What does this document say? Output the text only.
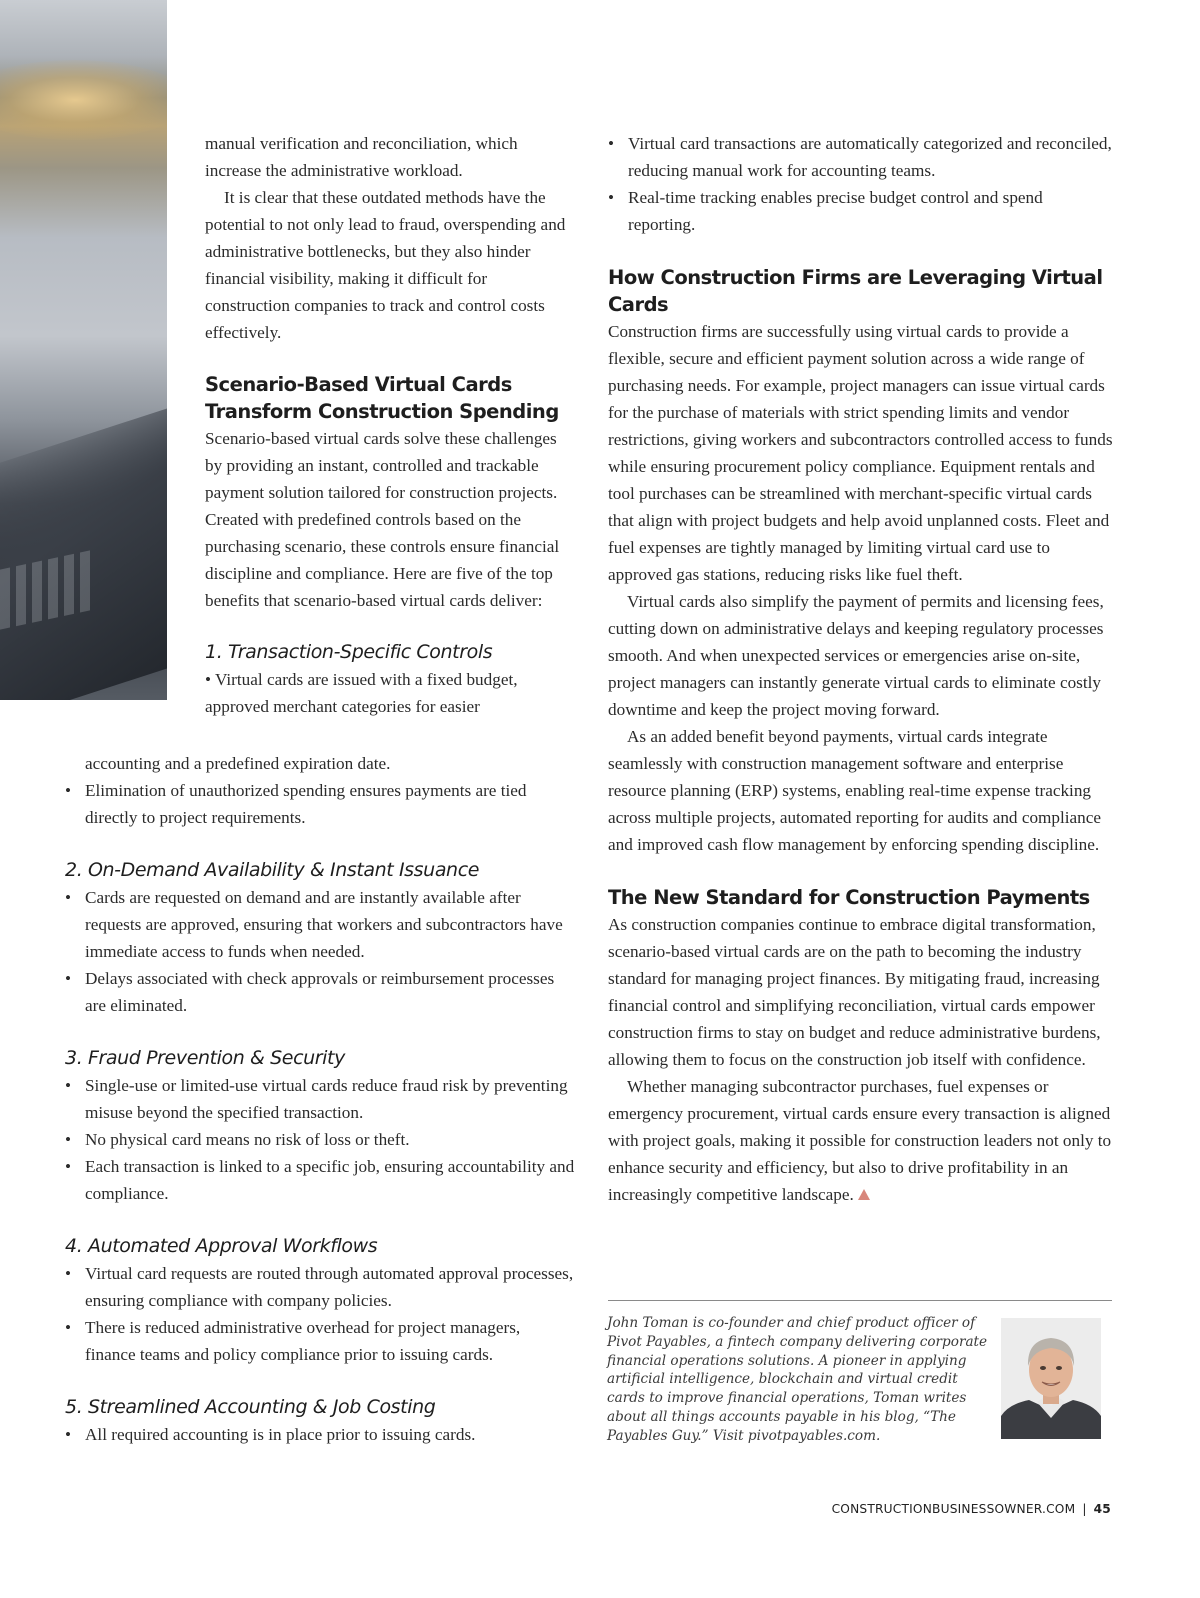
manual verification and reconciliation, which increase the administrative workload.

It is clear that these outdated methods have the potential to not only lead to fraud, overspending and administrative bottlenecks, but they also hinder financial visibility, making it difficult for construction companies to track and control costs effectively.

Scenario-Based Virtual Cards
Transform Construction Spending

Scenario-based virtual cards solve these challenges by providing an instant, controlled and trackable payment solution tailored for construction projects. Created with predefined controls based on the purchasing scenario, these controls ensure financial discipline and compliance. Here are five of the top benefits that scenario-based virtual cards deliver:

1. Transaction-Specific Controls

• Virtual cards are issued with a fixed budget,

approved merchant categories for easier

accounting and a predefined expiration date.

• Elimination of unauthorized spending ensures payments are tied directly to project requirements.

2. On-Demand Availability & Instant Issuance

• Cards are requested on demand and are instantly available after requests are approved, ensuring that workers and subcontractors have immediate access to funds when needed.

• Delays associated with check approvals or reimbursement processes are eliminated.

3. Fraud Prevention & Security

• Single-use or limited-use virtual cards reduce fraud risk by preventing misuse beyond the specified transaction.

• No physical card means no risk of loss or theft.

• Each transaction is linked to a specific job, ensuring accountability and compliance.

4. Automated Approval Workflows

• Virtual card requests are routed through automated approval processes, ensuring compliance with company policies.

• There is reduced administrative overhead for project managers, finance teams and policy compliance prior to issuing cards.

5. Streamlined Accounting & Job Costing

• All required accounting is in place prior to issuing cards.

• Virtual card transactions are automatically categorized and reconciled, reducing manual work for accounting teams.

• Real-time tracking enables precise budget control and spend reporting.

How Construction Firms are Leveraging Virtual Cards

Construction firms are successfully using virtual cards to provide a flexible, secure and efficient payment solution across a wide range of purchasing needs. For example, project managers can issue virtual cards for the purchase of materials with strict spending limits and vendor restrictions, giving workers and subcontractors controlled access to funds while ensuring procurement policy compliance. Equipment rentals and tool purchases can be streamlined with merchant-specific virtual cards that align with project budgets and help avoid unplanned costs. Fleet and fuel expenses are tightly managed by limiting virtual card use to approved gas stations, reducing risks like fuel theft.

Virtual cards also simplify the payment of permits and licensing fees, cutting down on administrative delays and keeping regulatory processes smooth. And when unexpected services or emergencies arise on-site, project managers can instantly generate virtual cards to eliminate costly downtime and keep the project moving forward.

As an added benefit beyond payments, virtual cards integrate seamlessly with construction management software and enterprise resource planning (ERP) systems, enabling real-time expense tracking across multiple projects, automated reporting for audits and compliance and improved cash flow management by enforcing spending discipline.

The New Standard for Construction Payments

As construction companies continue to embrace digital transformation, scenario-based virtual cards are on the path to becoming the industry standard for managing project finances. By mitigating fraud, increasing financial control and simplifying reconciliation, virtual cards empower construction firms to stay on budget and reduce administrative burdens, allowing them to focus on the construction job itself with confidence.

Whether managing subcontractor purchases, fuel expenses or emergency procurement, virtual cards ensure every transaction is aligned with project goals, making it possible for construction leaders not only to enhance security and efficiency, but also to drive profitability in an increasingly competitive landscape.

John Toman is co-founder and chief product officer of Pivot Payables, a fintech company delivering corporate financial operations solutions. A pioneer in applying artificial intelligence, blockchain and virtual credit cards to improve financial operations, Toman writes about all things accounts payable in his blog, “The Payables Guy.” Visit pivotpayables.com.

CONSTRUCTIONBUSINESSOWNER.COM | 45
